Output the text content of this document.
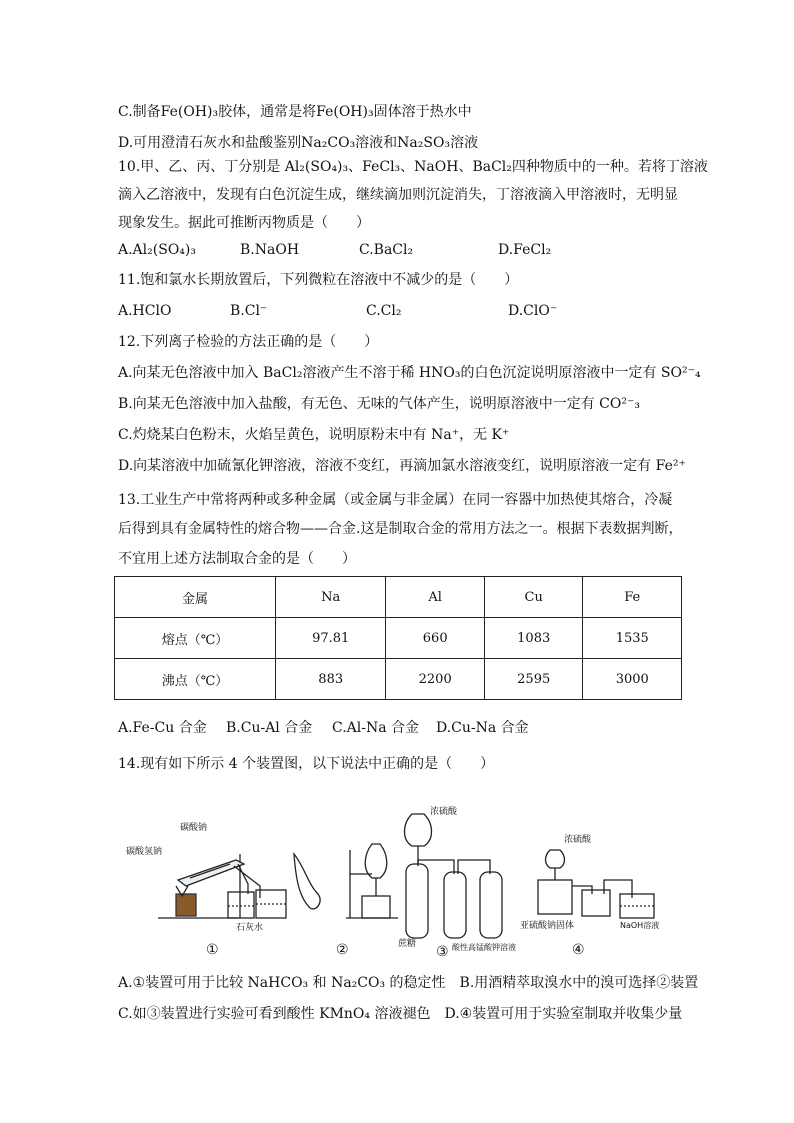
C.制备Fe(OH)₃胶体，通常是将Fe(OH)₃固体溶于热水中
D.可用澄清石灰水和盐酸鉴别Na₂CO₃溶液和Na₂SO₃溶液
10.甲、乙、丙、丁分别是 Al₂(SO₄)₃、FeCl₃、NaOH、BaCl₂四种物质中的一种。若将丁溶液
滴入乙溶液中，发现有白色沉淀生成，继续滴加则沉淀消失，丁溶液滴入甲溶液时，无明显
现象发生。据此可推断丙物质是（　　）
A.Al₂(SO₄)₃	B.NaOH	C.BaCl₂	D.FeCl₂
11.饱和氯水长期放置后，下列微粒在溶液中不减少的是（　　）
A.HClO	B.Cl⁻	C.Cl₂	D.ClO⁻
12.下列离子检验的方法正确的是（　　）
A.向某无色溶液中加入 BaCl₂溶液产生不溶于稀 HNO₃的白色沉淀说明原溶液中一定有 SO²⁻₄
B.向某无色溶液中加入盐酸，有无色、无味的气体产生，说明原溶液中一定有 CO²⁻₃
C.灼烧某白色粉末，火焰呈黄色，说明原粉末中有 Na⁺，无 K⁺
D.向某溶液中加硫氰化钾溶液，溶液不变红，再滴加氯水溶液变红，说明原溶液一定有 Fe²⁺
13.工业生产中常将两种或多种金属（或金属与非金属）在同一容器中加热使其熔合，冷凝
后得到具有金属特性的熔合物——合金.这是制取合金的常用方法之一。根据下表数据判断，
不宜用上述方法制取合金的是（　　）
金属	Na	Al	Cu	Fe
熔点（℃）	97.81	660	1083	1535
沸点（℃）	883	2200	2595	3000
A.Fe-Cu 合金 B.Cu-Al 合金 C.Al-Na 合金 D.Cu-Na 合金
14.现有如下所示 4 个装置图，以下说法中正确的是（　　）
碳酸钠
碳酸氢钠
石灰水
浓硫酸
蔗糖	酸性高锰酸钾溶液
浓硫酸
亚硫酸钠固体	NaOH溶液
①	②	③	④
A.①装置可用于比较 NaHCO₃ 和 Na₂CO₃ 的稳定性　B.用酒精萃取溴水中的溴可选择②装置
C.如③装置进行实验可看到酸性 KMnO₄ 溶液褪色　D.④装置可用于实验室制取并收集少量
